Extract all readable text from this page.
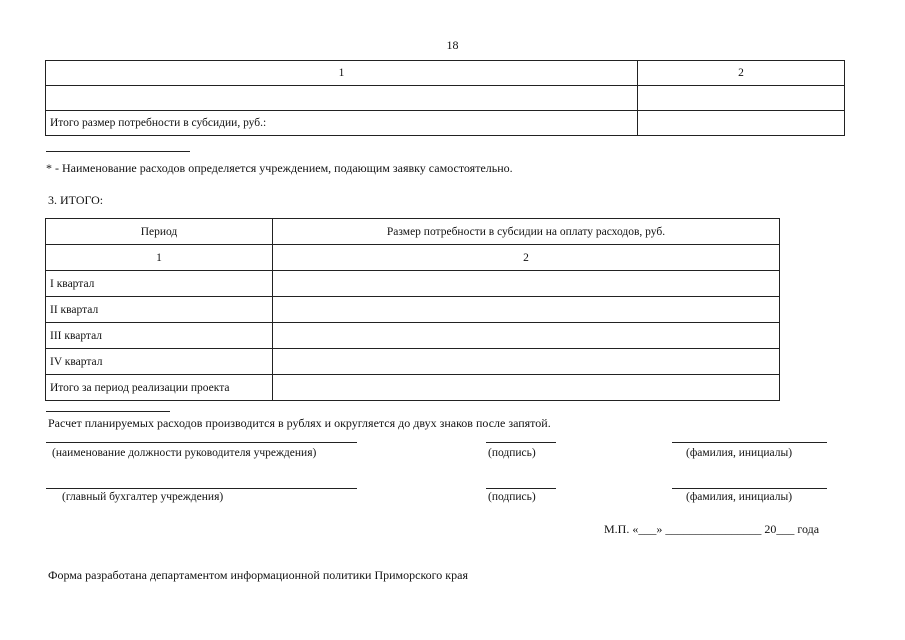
18
1	2

Итого размер потребности в субсидии, руб.:	
* - Наименование расходов определяется учреждением, подающим заявку самостоятельно.
3. ИТОГО:
Период	Размер потребности в субсидии на оплату расходов, руб.
1	2
I квартал	
II квартал	
III квартал	
IV квартал	
Итого за период реализации проекта	
Расчет планируемых расходов производится в рублях и округляется до двух знаков после запятой.
(наименование должности руководителя учреждения)	(подпись)	(фамилия, инициалы)
(главный бухгалтер учреждения)	(подпись)	(фамилия, инициалы)
М.П. «___» ________________ 20___ года
Форма разработана департаментом информационной политики Приморского края
